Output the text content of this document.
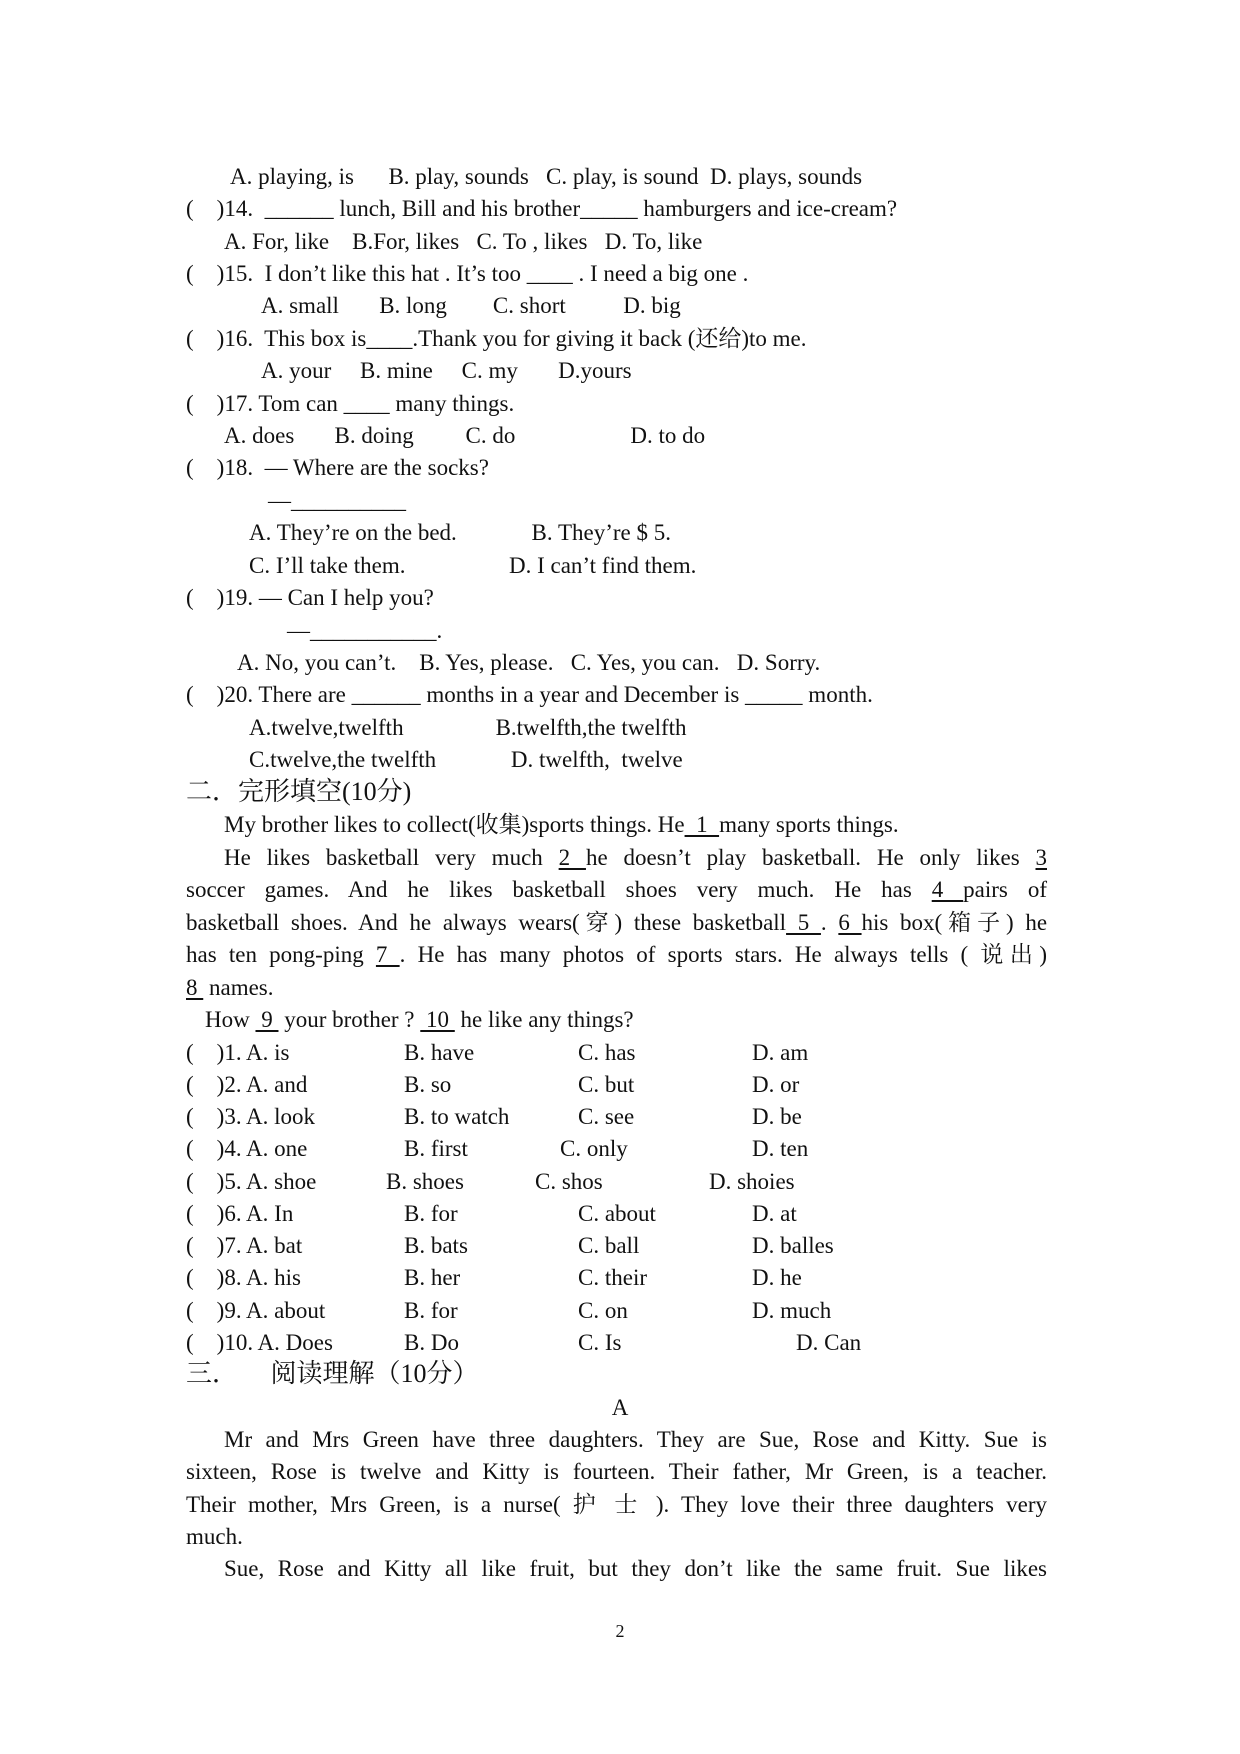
A. playing, is      B. play, sounds   C. play, is sound  D. plays, sounds
(    )14.  ______ lunch, Bill and his brother_____ hamburgers and ice-cream?
A. For, like    B.For, likes   C. To , likes   D. To, like
(    )15.  I don’t like this hat . It’s too ____ . I need a big one .
A. small       B. long        C. short          D. big
(    )16.  This box is____.Thank you for giving it back (还给)to me.
A. your     B. mine     C. my       D.yours
(    )17. Tom can ____ many things.
A. does       B. doing         C. do                    D. to do
(    )18.  — Where are the socks?
—__________
A. They’re on the bed.             B. They’re $ 5.
C. I’ll take them.                  D. I can’t find them.
(    )19. — Can I help you?
—___________.
A. No, you can’t.    B. Yes, please.   C. Yes, you can.   D. Sorry.
(    )20. There are ______ months in a year and December is _____ month.
A.twelve,twelfth                B.twelfth,the twelfth
C.twelve,the twelfth             D. twelfth,  twelve
二．完形填空(10分)
My brother likes to collect(收集)sports things. He  1  many sports things.
He likes basketball very much 2 he doesn’t play basketball. He only likes 3
soccer games. And he likes basketball shoes very much. He has 4 pairs of
basketball shoes. And he always wears(穿) these basketball 5 . 6 his box(箱子) he
has ten pong-ping 7 . He has many photos of sports stars. He always tells ( 说出)
8  names.
How  9  your brother ?  10  he like any things?
(    )1. A. is	B. have	C. has	D. am
(    )2. A. and	B. so	C. but	D. or
(    )3. A. look	B. to watch	C. see	D. be
(    )4. A. one	B. first	C. only	D. ten
(    )5. A. shoe	B. shoes	C. shos	D. shoies
(    )6. A. In	B. for	C. about	D. at
(    )7. A. bat	B. bats	C. ball	D. balles
(    )8. A. his	B. her	C. their	D. he
(    )9. A. about	B. for	C. on	D. much
(    )10. A. Does	B. Do	C. Is	D. Can
三．     阅读理解（10分）
A
Mr and Mrs Green have three daughters. They are Sue, Rose and Kitty. Sue is
sixteen, Rose is twelve and Kitty is fourteen. Their father, Mr Green, is a teacher.
Their mother, Mrs Green, is a nurse( 护 士 ). They love their three daughters very
much.
Sue, Rose and Kitty all like fruit, but they don’t like the same fruit. Sue likes
2
